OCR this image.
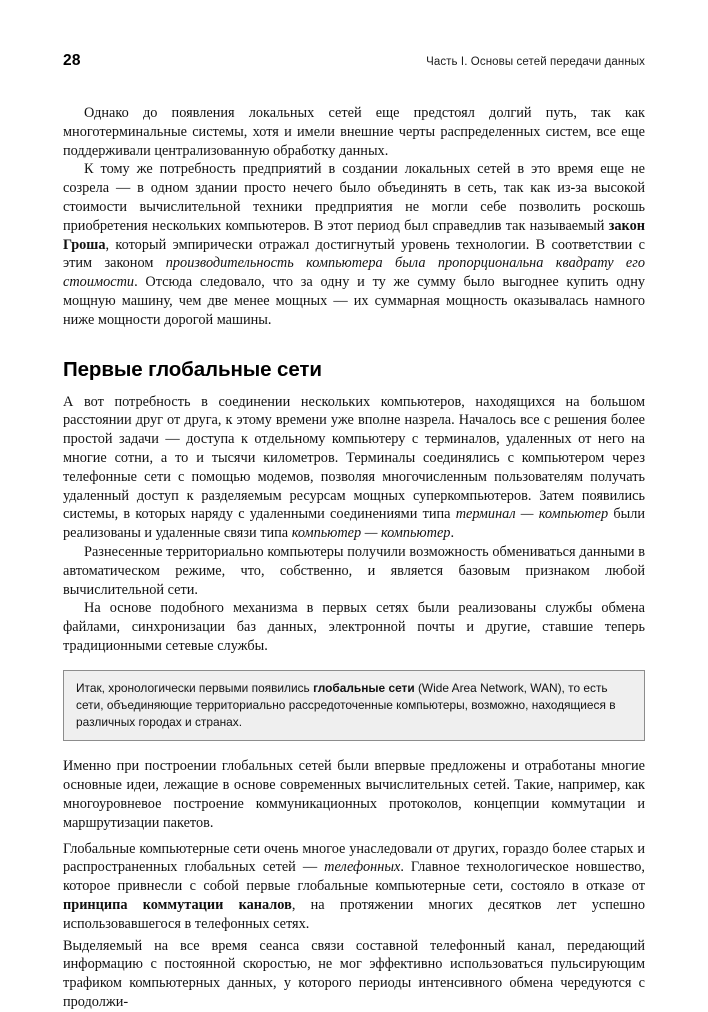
28	Часть I. Основы сетей передачи данных

Однако до появления локальных сетей еще предстоял долгий путь, так как многотерминальные системы, хотя и имели внешние черты распределенных систем, все еще поддерживали централизованную обработку данных.

К тому же потребность предприятий в создании локальных сетей в это время еще не созрела — в одном здании просто нечего было объединять в сеть, так как из-за высокой стоимости вычислительной техники предприятия не могли себе позволить роскошь приобретения нескольких компьютеров. В этот период был справедлив так называемый закон Гроша, который эмпирически отражал достигнутый уровень технологии. В соответствии с этим законом производительность компьютера была пропорциональна квадрату его стоимости. Отсюда следовало, что за одну и ту же сумму было выгоднее купить одну мощную машину, чем две менее мощных — их суммарная мощность оказывалась намного ниже мощности дорогой машины.

Первые глобальные сети

А вот потребность в соединении нескольких компьютеров, находящихся на большом расстоянии друг от друга, к этому времени уже вполне назрела. Началось все с решения более простой задачи — доступа к отдельному компьютеру с терминалов, удаленных от него на многие сотни, а то и тысячи километров. Терминалы соединялись с компьютером через телефонные сети с помощью модемов, позволяя многочисленным пользователям получать удаленный доступ к разделяемым ресурсам мощных суперкомпьютеров. Затем появились системы, в которых наряду с удаленными соединениями типа терминал — компьютер были реализованы и удаленные связи типа компьютер — компьютер.

Разнесенные территориально компьютеры получили возможность обмениваться данными в автоматическом режиме, что, собственно, и является базовым признаком любой вычислительной сети.

На основе подобного механизма в первых сетях были реализованы службы обмена файлами, синхронизации баз данных, электронной почты и другие, ставшие теперь традиционными сетевые службы.

Итак, хронологически первыми появились глобальные сети (Wide Area Network, WAN), то есть сети, объединяющие территориально рассредоточенные компьютеры, возможно, находящиеся в различных городах и странах.

Именно при построении глобальных сетей были впервые предложены и отработаны многие основные идеи, лежащие в основе современных вычислительных сетей. Такие, например, как многоуровневое построение коммуникационных протоколов, концепции коммутации и маршрутизации пакетов.

Глобальные компьютерные сети очень многое унаследовали от других, гораздо более старых и распространенных глобальных сетей — телефонных. Главное технологическое новшество, которое привнесли с собой первые глобальные компьютерные сети, состояло в отказе от принципа коммутации каналов, на протяжении многих десятков лет успешно использовавшегося в телефонных сетях.

Выделяемый на все время сеанса связи составной телефонный канал, передающий информацию с постоянной скоростью, не мог эффективно использоваться пульсирующим трафиком компьютерных данных, у которого периоды интенсивного обмена чередуются с продолжи-
